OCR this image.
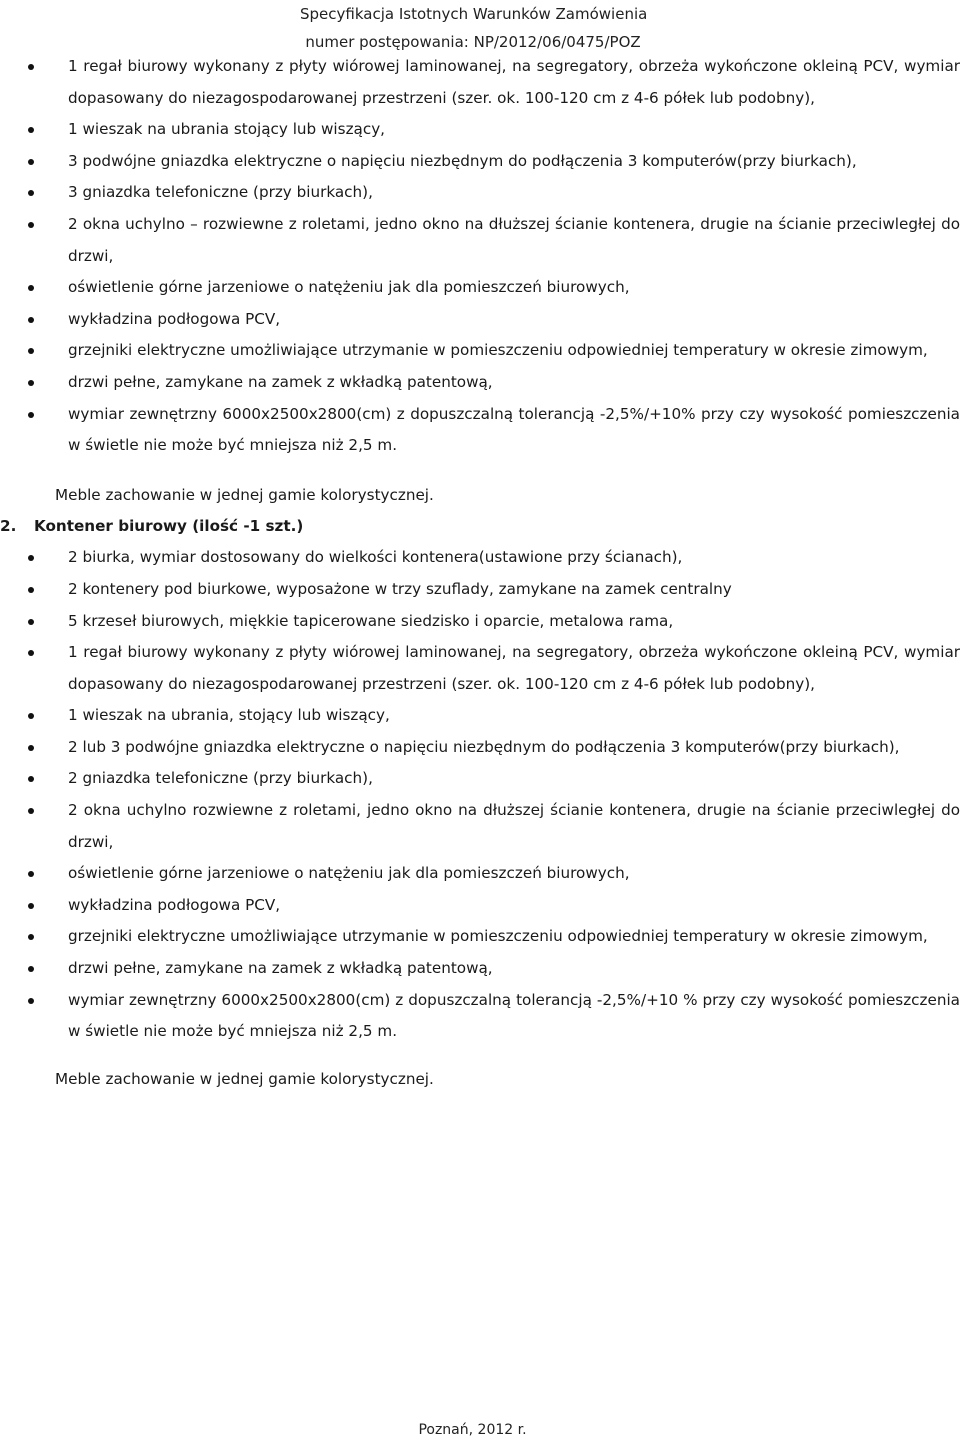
Specyfikacja Istotnych Warunków Zamówienia
numer postępowania: NP/2012/06/0475/POZ
1 regał biurowy wykonany z płyty wiórowej laminowanej, na segregatory, obrzeża wykończone okleiną PCV, wymiar dopasowany do niezagospodarowanej przestrzeni (szer. ok. 100-120 cm z 4-6 półek lub podobny),
1 wieszak na ubrania stojący lub wiszący,
3 podwójne gniazdka elektryczne o napięciu niezbędnym do podłączenia 3 komputerów(przy biurkach),
3 gniazdka telefoniczne (przy biurkach),
2 okna uchylno – rozwiewne z roletami, jedno okno na dłuższej ścianie kontenera, drugie na ścianie przeciwległej do drzwi,
oświetlenie górne jarzeniowe o natężeniu jak dla pomieszczeń biurowych,
wykładzina podłogowa PCV,
grzejniki elektryczne umożliwiające utrzymanie w pomieszczeniu odpowiedniej temperatury w okresie zimowym,
drzwi pełne, zamykane na zamek z wkładką patentową,
wymiar zewnętrzny 6000x2500x2800(cm) z dopuszczalną tolerancją -2,5%/+10% przy czy wysokość pomieszczenia w świetle nie może być mniejsza niż 2,5 m.
Meble zachowanie w jednej gamie kolorystycznej.
2. Kontener biurowy (ilość -1 szt.)
2 biurka, wymiar dostosowany do wielkości kontenera(ustawione przy ścianach),
2 kontenery pod biurkowe, wyposażone w trzy szuflady, zamykane na zamek centralny
5 krzeseł biurowych, miękkie tapicerowane siedzisko i oparcie, metalowa rama,
1 regał biurowy wykonany z płyty wiórowej laminowanej, na segregatory, obrzeża wykończone okleiną PCV, wymiar dopasowany do niezagospodarowanej przestrzeni (szer. ok. 100-120 cm z 4-6 półek lub podobny),
1 wieszak na ubrania, stojący lub wiszący,
2 lub 3 podwójne gniazdka elektryczne o napięciu niezbędnym do podłączenia 3 komputerów(przy biurkach),
2 gniazdka telefoniczne (przy biurkach),
2 okna uchylno rozwiewne z roletami, jedno okno na dłuższej ścianie kontenera, drugie na ścianie przeciwległej do drzwi,
oświetlenie górne jarzeniowe o natężeniu jak dla pomieszczeń biurowych,
wykładzina podłogowa PCV,
grzejniki elektryczne umożliwiające utrzymanie w pomieszczeniu odpowiedniej temperatury w okresie zimowym,
drzwi pełne, zamykane na zamek z wkładką patentową,
wymiar zewnętrzny 6000x2500x2800(cm) z dopuszczalną tolerancją -2,5%/+10 % przy czy wysokość pomieszczenia w świetle nie może być mniejsza niż 2,5 m.
Meble zachowanie w jednej gamie kolorystycznej.
Poznań, 2012 r.
